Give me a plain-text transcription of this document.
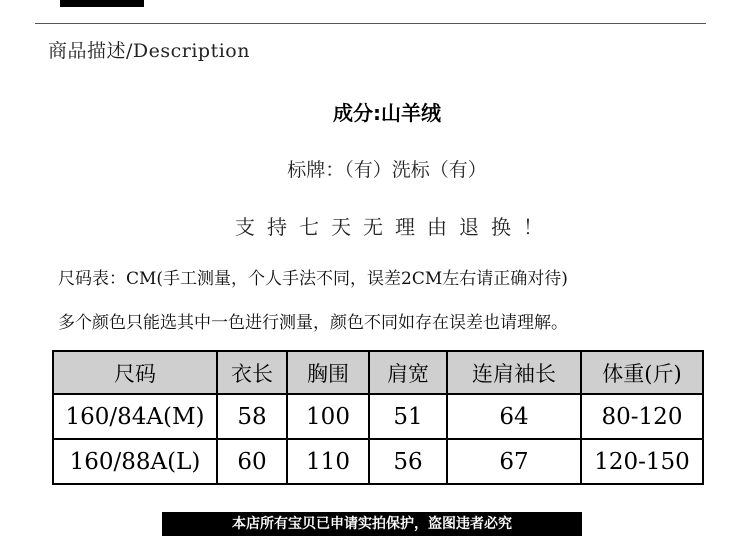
商品描述/Description
成分:山羊绒
标牌：（有）洗标（有）
支持七天无理由退换！
尺码表：CM(手工测量，个人手法不同，误差2CM左右请正确对待)
多个颜色只能选其中一色进行测量，颜色不同如存在误差也请理解。
尺码	衣长	胸围	肩宽	连肩袖长	体重(斤)
160/84A(M)	58	100	51	64	80-120
160/88A(L)	60	110	56	67	120-150
本店所有宝贝已申请实拍保护，盗图违者必究
